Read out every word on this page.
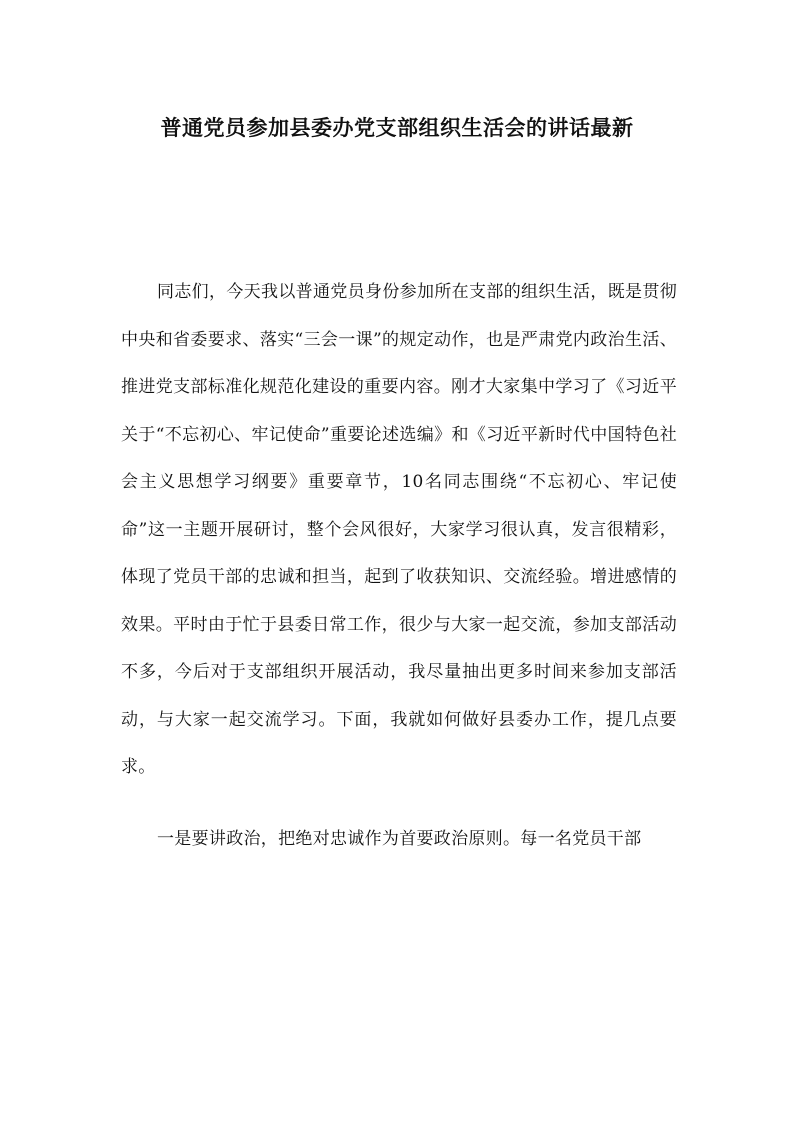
普通党员参加县委办党支部组织生活会的讲话最新

同志们，今天我以普通党员身份参加所在支部的组织生活，既是贯彻中央和省委要求、落实“三会一课”的规定动作，也是严肃党内政治生活、推进党支部标准化规范化建设的重要内容。刚才大家集中学习了《习近平关于“不忘初心、牢记使命”重要论述选编》和《习近平新时代中国特色社会主义思想学习纲要》重要章节，10名同志围绕“不忘初心、牢记使命”这一主题开展研讨，整个会风很好，大家学习很认真，发言很精彩，体现了党员干部的忠诚和担当，起到了收获知识、交流经验。增进感情的效果。平时由于忙于县委日常工作，很少与大家一起交流，参加支部活动不多，今后对于支部组织开展活动，我尽量抽出更多时间来参加支部活动，与大家一起交流学习。下面，我就如何做好县委办工作，提几点要求。

一是要讲政治，把绝对忠诚作为首要政治原则。每一名党员干部
